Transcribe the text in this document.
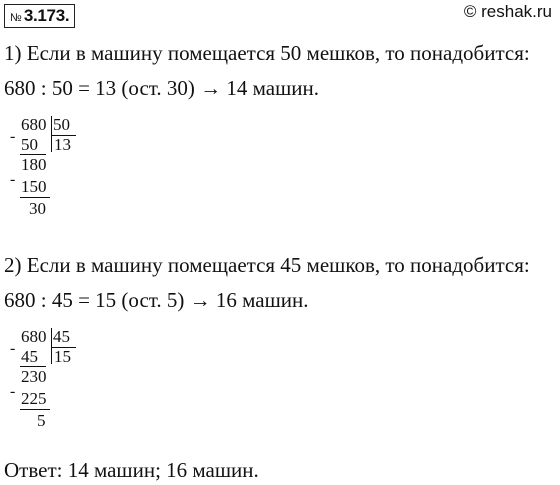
№ 3.173.	© reshak.ru
1) Если в машину помещается 50 мешков, то понадобится:
680 : 50 = 13 (ост. 30) → 14 машин.
680 50
13
- 50
180
- 150
30
2) Если в машину помещается 45 мешков, то понадобится:
680 : 45 = 15 (ост. 5) → 16 машин.
680 45
15
- 45
230
- 225
5
Ответ: 14 машин; 16 машин.
